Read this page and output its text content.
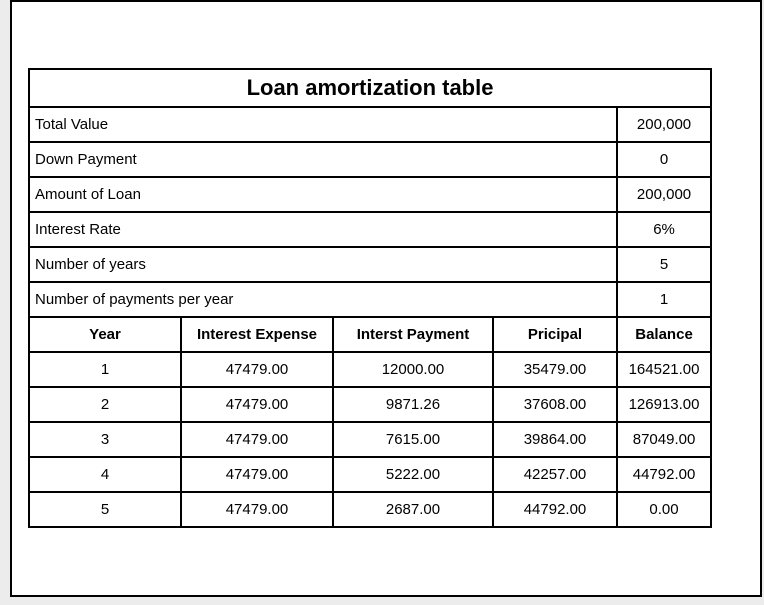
Loan amortization table				
Total Value				200,000
Down Payment				0
Amount of Loan				200,000
Interest Rate				6%
Number of years				5
Number of payments per year				1
Year	Interest Expense	Interst Payment	Pricipal	Balance
1	47479.00	12000.00	35479.00	164521.00
2	47479.00	9871.26	37608.00	126913.00
3	47479.00	7615.00	39864.00	87049.00
4	47479.00	5222.00	42257.00	44792.00
5	47479.00	2687.00	44792.00	0.00
